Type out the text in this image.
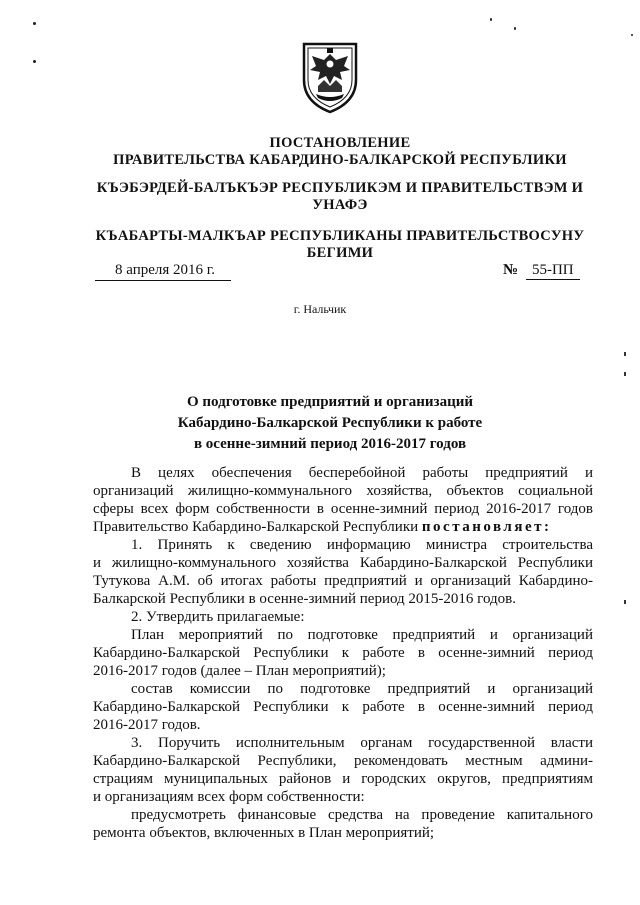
ПОСТАНОВЛЕНИЕ
ПРАВИТЕЛЬСТВА КАБАРДИНО-БАЛКАРСКОЙ РЕСПУБЛИКИ
КЪЭБЭРДЕЙ-БАЛЪКЪЭР РЕСПУБЛИКЭМ И ПРАВИТЕЛЬСТВЭМ И
УНАФЭ
КЪАБАРТЫ-МАЛКЪАР РЕСПУБЛИКАНЫ ПРАВИТЕЛЬСТВОСУНУ
БЕГИМИ
8 апреля 2016 г.	№ 55-ПП
г. Нальчик
О подготовке предприятий и организаций
Кабардино-Балкарской Республики к работе
в осенне-зимний период 2016-2017 годов

В целях обеспечения бесперебойной работы предприятий и

организаций жилищно-коммунального хозяйства, объектов социальной

сферы всех форм собственности в осенне-зимний период 2016-2017 годов

Правительство Кабардино-Балкарской Республики постановляет:

1. Принять к сведению информацию министра строительства

и жилищно-коммунального хозяйства Кабардино-Балкарской Республики

Тутукова А.М. об итогах работы предприятий и организаций Кабардино-

Балкарской Республики в осенне-зимний период 2015-2016 годов.

2. Утвердить прилагаемые:

План мероприятий по подготовке предприятий и организаций

Кабардино-Балкарской Республики к работе в осенне-зимний период

2016-2017 годов (далее – План мероприятий);

состав комиссии по подготовке предприятий и организаций

Кабардино-Балкарской Республики к работе в осенне-зимний период

2016-2017 годов.

3. Поручить исполнительным органам государственной власти

Кабардино-Балкарской Республики, рекомендовать местным админи-

страциям муниципальных районов и городских округов, предприятиям

и организациям всех форм собственности:

предусмотреть финансовые средства на проведение капитального

ремонта объектов, включенных в План мероприятий;
